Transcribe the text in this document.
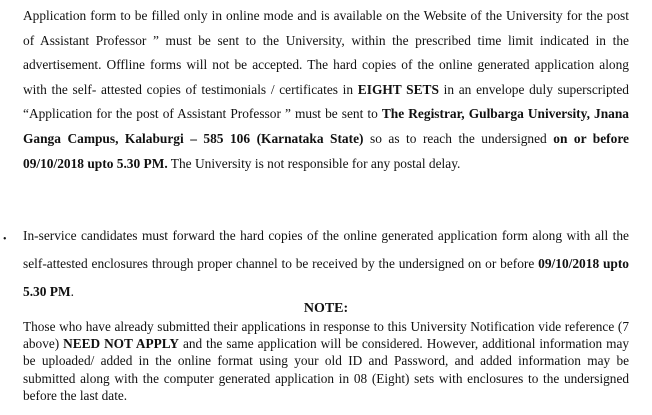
Application form to be filled only in online mode and is available on the Website of the University for the post of Assistant Professor ” must be sent to the University, within the prescribed time limit indicated in the advertisement. Offline forms will not be accepted. The hard copies of the online generated application along with the self- attested copies of testimonials / certificates in EIGHT SETS in an envelope duly superscripted “Application for the post of Assistant Professor ” must be sent to The Registrar, Gulbarga University, Jnana Ganga Campus, Kalaburgi – 585 106 (Karnataka State) so as to reach the undersigned on or before 09/10/2018 upto 5.30 PM. The University is not responsible for any postal delay.

• In-service candidates must forward the hard copies of the online generated application form along with all the self-attested enclosures through proper channel to be received by the undersigned on or before 09/10/2018 upto 5.30 PM.

NOTE:

Those who have already submitted their applications in response to this University Notification vide reference (7 above) NEED NOT APPLY and the same application will be considered. However, additional information may be uploaded/ added in the online format using your old ID and Password, and added information may be submitted along with the computer generated application in 08 (Eight) sets with enclosures to the undersigned before the last date.
